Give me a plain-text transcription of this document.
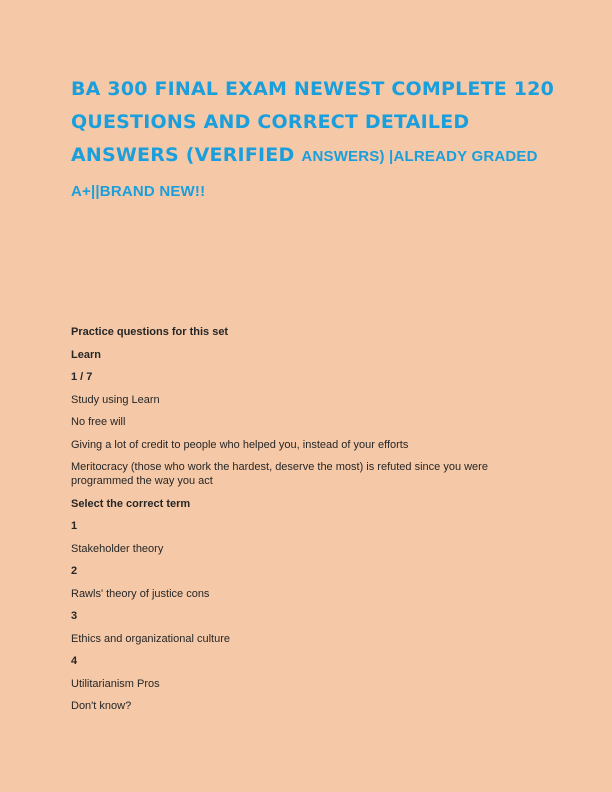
BA 300 FINAL EXAM NEWEST COMPLETE 120
QUESTIONS AND CORRECT DETAILED
ANSWERS (VERIFIED ANSWERS) |ALREADY GRADED
A+||BRAND NEW!!

Practice questions for this set

Learn

1 / 7

Study using Learn

No free will

Giving a lot of credit to people who helped you, instead of your efforts

Meritocracy (those who work the hardest, deserve the most) is refuted since you were programmed the way you act

Select the correct term

1

Stakeholder theory

2

Rawls' theory of justice cons

3

Ethics and organizational culture

4

Utilitarianism Pros

Don't know?
